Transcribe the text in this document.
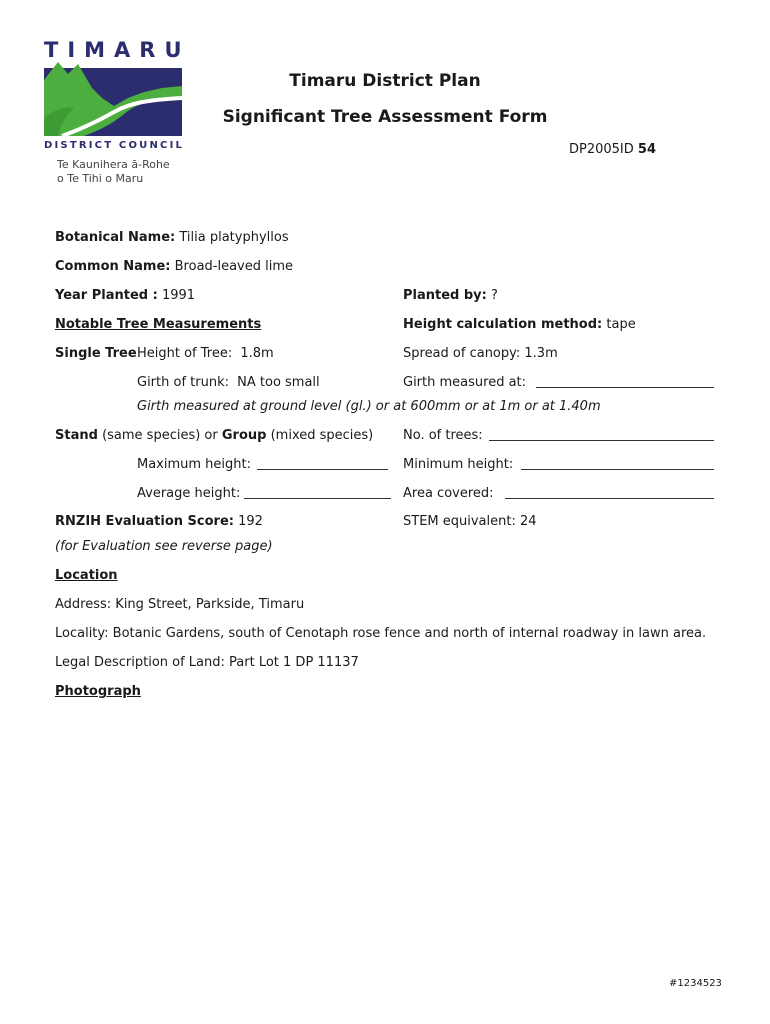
TIMARU
DISTRICT COUNCIL
Te Kaunihera ā-Rohe
o Te Tihi o Maru
Timaru District Plan
Significant Tree Assessment Form
DP2005ID 54
Botanical Name: Tilia platyphyllos
Common Name: Broad-leaved lime
Year Planted : 1991	Planted by: ?
Notable Tree Measurements	Height calculation method: tape
Single Tree Height of Tree: 1.8m	Spread of canopy: 1.3m
Girth of trunk: NA too small	Girth measured at:
Girth measured at ground level (gl.) or at 600mm or at 1m or at 1.40m
Stand (same species) or Group (mixed species) No. of trees:
Maximum height:	Minimum height:
Average height:	Area covered:
RNZIH Evaluation Score: 192	STEM equivalent: 24
(for Evaluation see reverse page)
Location
Address: King Street, Parkside, Timaru
Locality: Botanic Gardens, south of Cenotaph rose fence and north of internal roadway in lawn area.
Legal Description of Land: Part Lot 1 DP 11137
Photograph
#1234523
